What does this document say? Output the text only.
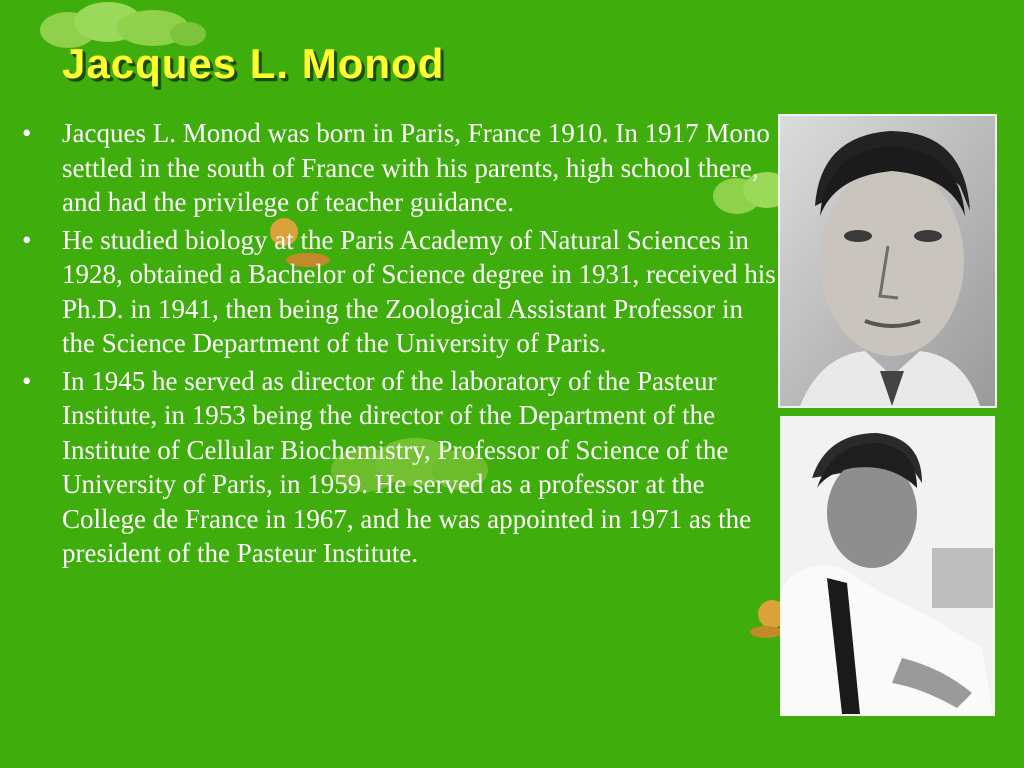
Jacques L. Monod
• Jacques L. Monod was born in Paris, France 1910. In 1917 Mono settled in the south of France with his parents, high school there, and had the privilege of teacher guidance.
• He studied biology at the Paris Academy of Natural Sciences in 1928, obtained a Bachelor of Science degree in 1931, received his Ph.D. in 1941, then being the Zoological Assistant Professor in the Science Department of the University of Paris.
• In 1945 he served as director of the laboratory of the Pasteur Institute, in 1953 being the director of the Department of the Institute of Cellular Biochemistry, Professor of Science of the University of Paris, in 1959. He served as a professor at the College de France in 1967, and he was appointed in 1971 as the president of the Pasteur Institute.
